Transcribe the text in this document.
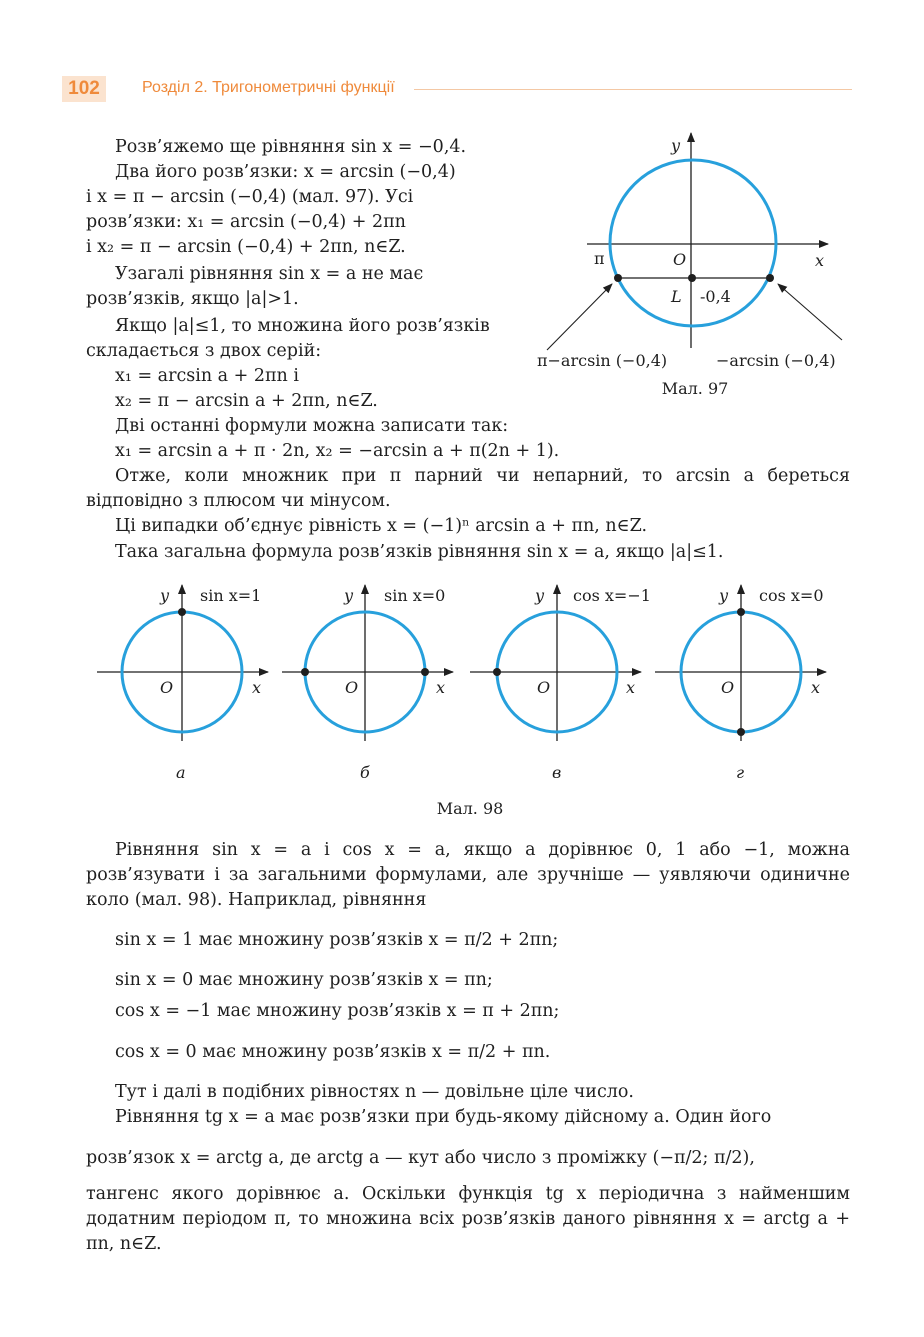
102	Розділ 2. Тригонометричні функції

Розв’яжемо ще рівняння sin x = −0,4.

Два його розв’язки: x = arcsin (−0,4)

і x = π − arcsin (−0,4) (мал. 97). Усі

розв’язки: x₁ = arcsin (−0,4) + 2πn

і x₂ = π − arcsin (−0,4) + 2πn, n∈Z.

Узагалі рівняння sin x = a не має

розв’язків, якщо |a|>1.

Якщо |a|≤1, то множина його розв’язків

складається з двох серій:

x₁ = arcsin a + 2πn і

x₂ = π − arcsin a + 2πn, n∈Z.

Дві останні формули можна записати так:

x₁ = arcsin a + π · 2n, x₂ = −arcsin a + π(2n + 1).

Отже, коли множник при π парний чи непарний, то arcsin a береться відповідно з плюсом чи мінусом.

Ці випадки об’єднує рівність x = (−1)ⁿ arcsin a + πn, n∈Z.

Така загальна формула розв’язків рівняння sin x = a, якщо |a|≤1.

y
x
O
π
L -0,4
π−arcsin (−0,4)	−arcsin (−0,4)
Мал. 97
y sin x=1
O	x
а
y sin x=0
O	x
б
y cos x=−1
O	x
в
y cos x=0
O	x
г
Мал. 98

Рівняння sin x = a і cos x = a, якщо a дорівнює 0, 1 або −1, можна розв’язувати і за загальними формулами, але зручніше — уявляючи одиничне коло (мал. 98). Наприклад, рівняння

sin x = 1 має множину розв’язків x = π/2 + 2πn;

sin x = 0 має множину розв’язків x = πn;

cos x = −1 має множину розв’язків x = π + 2πn;

cos x = 0 має множину розв’язків x = π/2 + πn.

Тут і далі в подібних рівностях n — довільне ціле число.

Рівняння tg x = a має розв’язки при будь-якому дійсному a. Один його

розв’язок x = arctg a, де arctg a — кут або число з проміжку (−π/2; π/2),

тангенс якого дорівнює a. Оскільки функція tg x періодична з найменшим додатним періодом π, то множина всіх розв’язків даного рівняння x = arctg a + πn, n∈Z.
